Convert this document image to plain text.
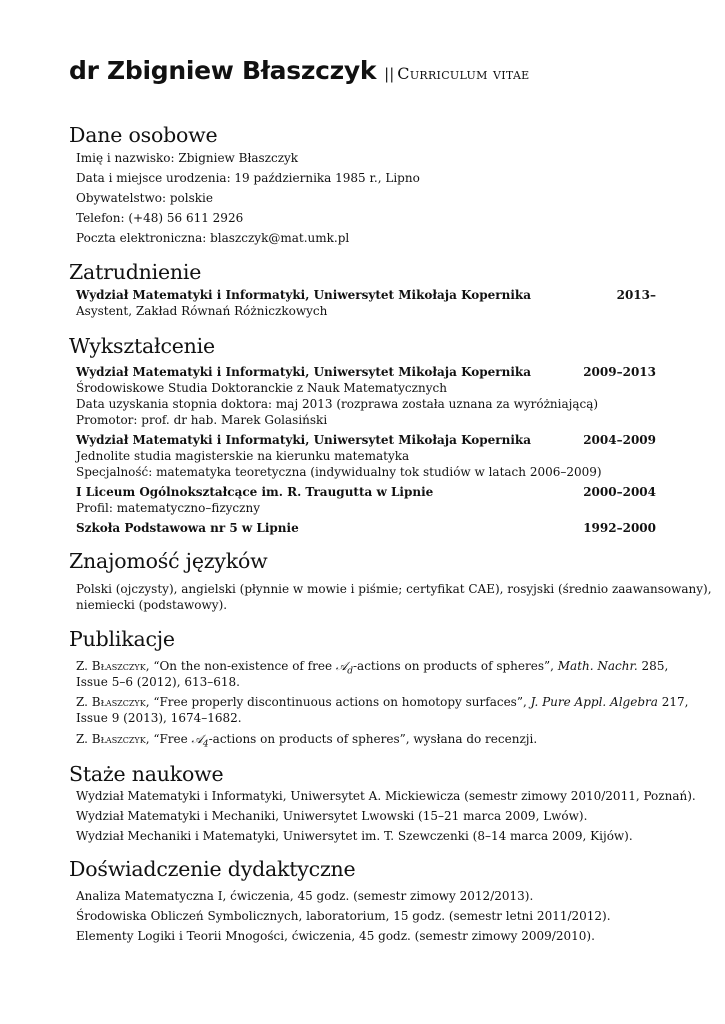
dr Zbigniew Błaszczyk || Curriculum vitae
Dane osobowe
Imię i nazwisko: Zbigniew Błaszczyk
Data i miejsce urodzenia: 19 października 1985 r., Lipno
Obywatelstwo: polskie
Telefon: (+48) 56 611 2926
Poczta elektroniczna: blaszczyk@mat.umk.pl
Zatrudnienie
Wydział Matematyki i Informatyki, Uniwersytet Mikołaja Kopernika	2013–
Asystent, Zakład Równań Różniczkowych
Wykształcenie
Wydział Matematyki i Informatyki, Uniwersytet Mikołaja Kopernika	2009–2013
Środowiskowe Studia Doktoranckie z Nauk Matematycznych
Data uzyskania stopnia doktora: maj 2013 (rozprawa została uznana za wyróżniającą)
Promotor: prof. dr hab. Marek Golasiński
Wydział Matematyki i Informatyki, Uniwersytet Mikołaja Kopernika	2004–2009
Jednolite studia magisterskie na kierunku matematyka
Specjalność: matematyka teoretyczna (indywidualny tok studiów w latach 2006–2009)
I Liceum Ogólnokształcące im. R. Traugutta w Lipnie	2000–2004
Profil: matematyczno–fizyczny
Szkoła Podstawowa nr 5 w Lipnie	1992–2000
Znajomość języków
Polski (ojczysty), angielski (płynnie w mowie i piśmie; certyfikat CAE), rosyjski (średnio zaawansowany),
niemiecki (podstawowy).
Publikacje
Z. Błaszczyk, “On the non-existence of free 𝒜$_d$-actions on products of spheres”, Math. Nachr. 285,
Issue 5–6 (2012), 613–618.
Z. Błaszczyk, “Free properly discontinuous actions on homotopy surfaces”, J. Pure Appl. Algebra 217,
Issue 9 (2013), 1674–1682.
Z. Błaszczyk, “Free 𝒜$_4$-actions on products of spheres”, wysłana do recenzji.
Staże naukowe
Wydział Matematyki i Informatyki, Uniwersytet A. Mickiewicza (semestr zimowy 2010/2011, Poznań).
Wydział Matematyki i Mechaniki, Uniwersytet Lwowski (15–21 marca 2009, Lwów).
Wydział Mechaniki i Matematyki, Uniwersytet im. T. Szewczenki (8–14 marca 2009, Kijów).
Doświadczenie dydaktyczne
Analiza Matematyczna I, ćwiczenia, 45 godz. (semestr zimowy 2012/2013).
Środowiska Obliczeń Symbolicznych, laboratorium, 15 godz. (semestr letni 2011/2012).
Elementy Logiki i Teorii Mnogości, ćwiczenia, 45 godz. (semestr zimowy 2009/2010).
